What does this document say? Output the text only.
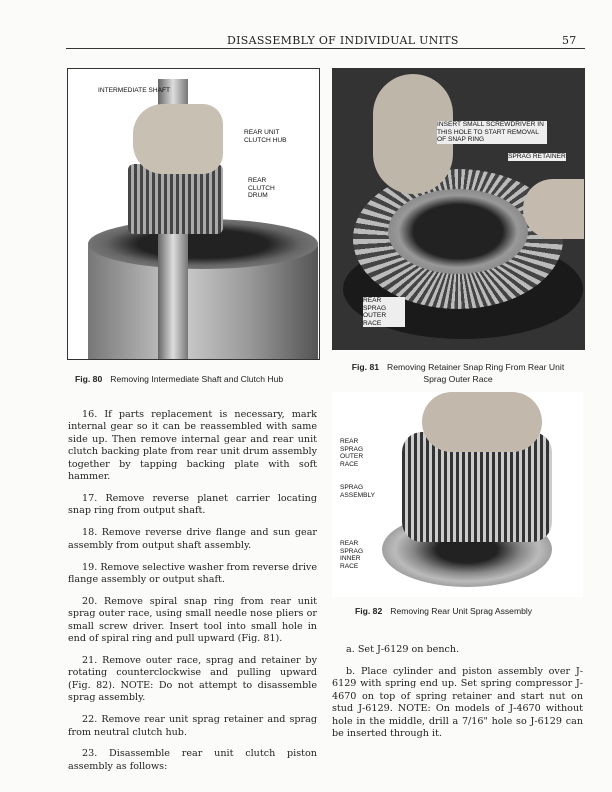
DISASSEMBLY OF INDIVIDUAL UNITS	57
INTERMEDIATE SHAFT
REAR UNIT CLUTCH HUB
REAR CLUTCH DRUM
Fig. 80 Removing Intermediate Shaft and Clutch Hub
INSERT SMALL SCREWDRIVER IN THIS HOLE TO START REMOVAL OF SNAP RING
SPRAG RETAINER
REAR SPRAG OUTER RACE
Fig. 81 Removing Retainer Snap Ring From Rear Unit Sprag Outer Race
REAR SPRAG OUTER RACE
SPRAG ASSEMBLY
REAR SPRAG INNER RACE
Fig. 82 Removing Rear Unit Sprag Assembly

16. If parts replacement is necessary, mark internal gear so it can be reassembled with same side up. Then remove internal gear and rear unit clutch backing plate from rear unit drum assembly together by tapping backing plate with soft hammer.

17. Remove reverse planet carrier locating snap ring from output shaft.

18. Remove reverse drive flange and sun gear assembly from output shaft assembly.

19. Remove selective washer from reverse drive flange assembly or output shaft.

20. Remove spiral snap ring from rear unit sprag outer race, using small needle nose pliers or small screw driver. Insert tool into small hole in end of spiral ring and pull upward (Fig. 81).

21. Remove outer race, sprag and retainer by rotating counterclockwise and pulling upward (Fig. 82). NOTE: Do not attempt to disassemble sprag assembly.

22. Remove rear unit sprag retainer and sprag from neutral clutch hub.

23. Disassemble rear unit clutch piston assembly as follows:

a. Set J-6129 on bench.

b. Place cylinder and piston assembly over J-6129 with spring end up. Set spring compressor J-4670 on top of spring retainer and start nut on stud J-6129. NOTE: On models of J-4670 without hole in the middle, drill a 7/16" hole so J-6129 can be inserted through it.
